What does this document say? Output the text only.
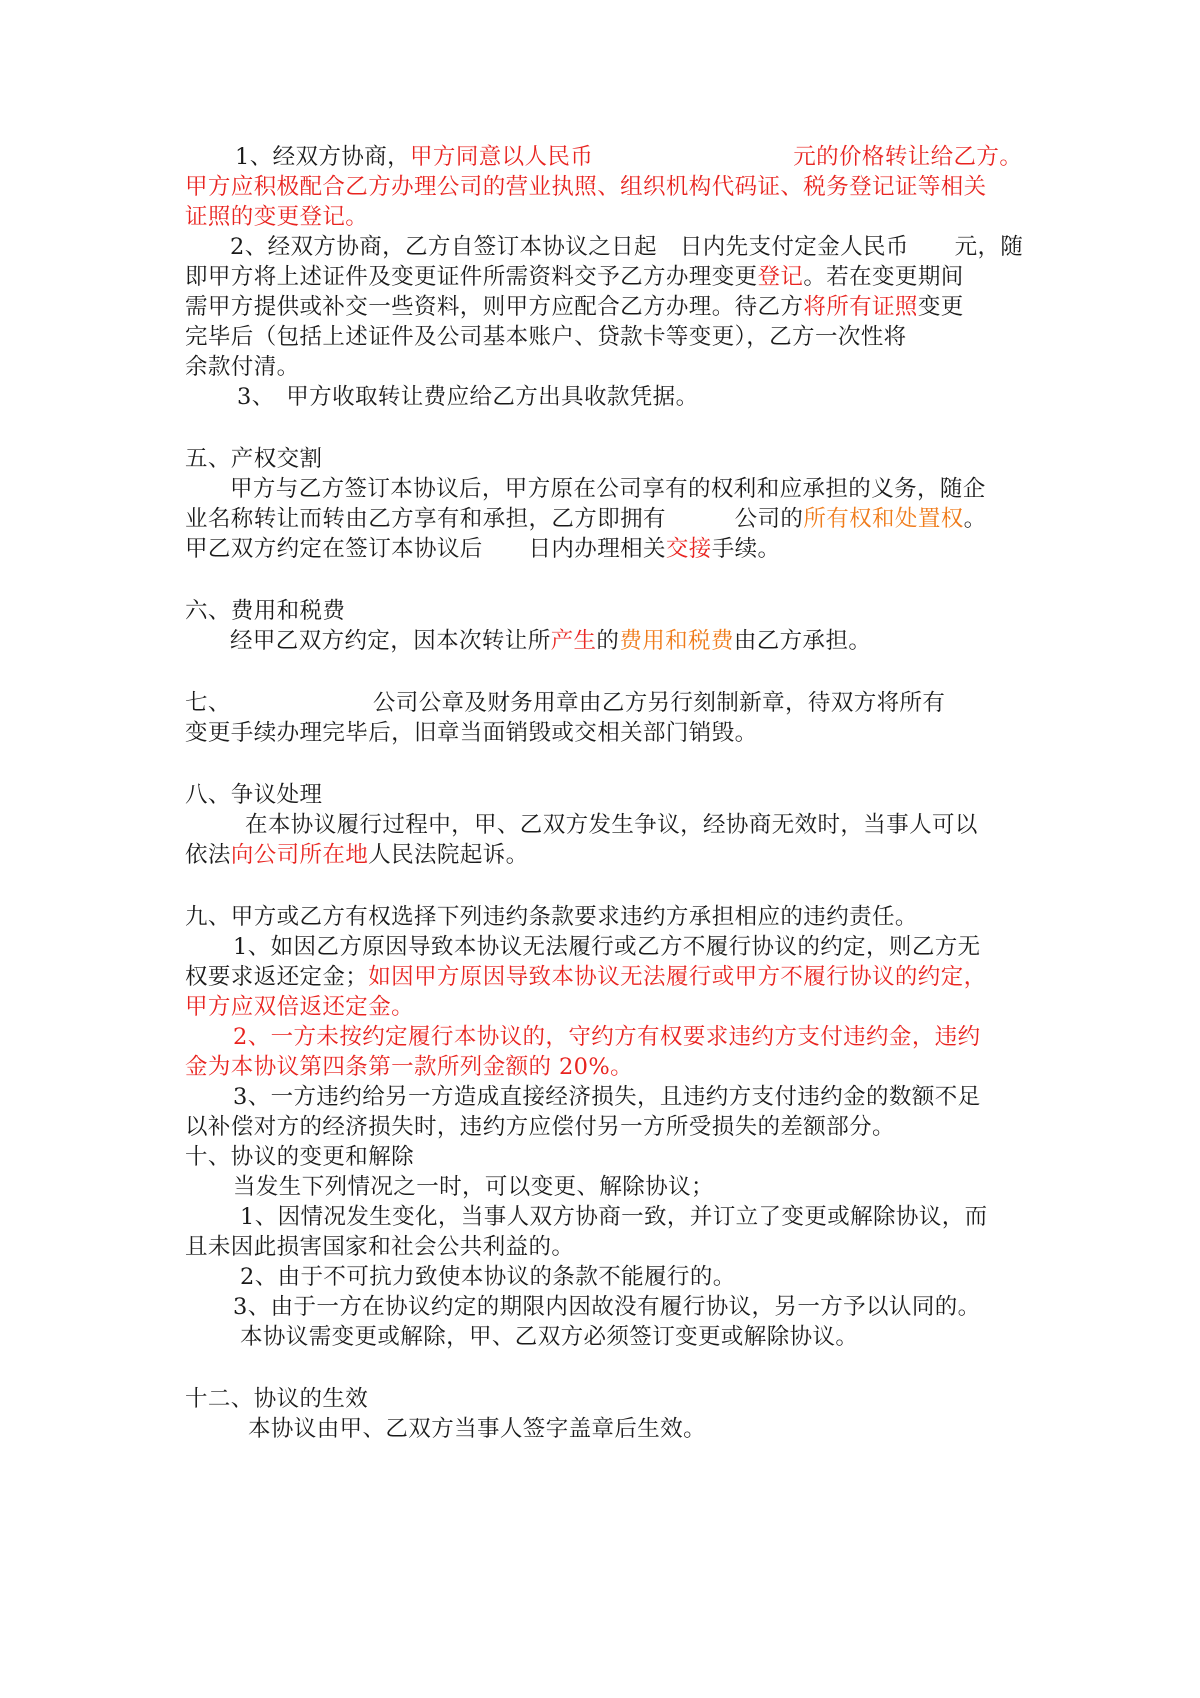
1、经双方协商，甲方同意以人民币	元的价格转让给乙方。
甲方应积极配合乙方办理公司的营业执照、组织机构代码证、税务登记证等相关
证照的变更登记。
2、经双方协商，乙方自签订本协议之日起　日内先支付定金人民币　　元，随
即甲方将上述证件及变更证件所需资料交予乙方办理变更登记。若在变更期间
需甲方提供或补交一些资料，则甲方应配合乙方办理。待乙方将所有证照变更
完毕后（包括上述证件及公司基本账户、贷款卡等变更），乙方一次性将
余款付清。
3、　甲方收取转让费应给乙方出具收款凭据。
五、产权交割
甲方与乙方签订本协议后，甲方原在公司享有的权利和应承担的义务，随企
业名称转让而转由乙方享有和承担，乙方即拥有　　　公司的所有权和处置权。
甲乙双方约定在签订本协议后　　日内办理相关交接手续。
六、费用和税费
经甲乙双方约定，因本次转让所产生的费用和税费由乙方承担。
七、	公司公章及财务用章由乙方另行刻制新章，待双方将所有
变更手续办理完毕后，旧章当面销毁或交相关部门销毁。
八、争议处理
在本协议履行过程中，甲、乙双方发生争议，经协商无效时，当事人可以
依法向公司所在地人民法院起诉。
九、甲方或乙方有权选择下列违约条款要求违约方承担相应的违约责任。
1、如因乙方原因导致本协议无法履行或乙方不履行协议的约定，则乙方无
权要求返还定金；如因甲方原因导致本协议无法履行或甲方不履行协议的约定，
甲方应双倍返还定金。
2、一方未按约定履行本协议的，守约方有权要求违约方支付违约金，违约
金为本协议第四条第一款所列金额的 20%。
3、一方违约给另一方造成直接经济损失，且违约方支付违约金的数额不足
以补偿对方的经济损失时，违约方应偿付另一方所受损失的差额部分。
十、协议的变更和解除
当发生下列情况之一时，可以变更、解除协议；
1、因情况发生变化，当事人双方协商一致，并订立了变更或解除协议，而
且未因此损害国家和社会公共利益的。
2、由于不可抗力致使本协议的条款不能履行的。
3、由于一方在协议约定的期限内因故没有履行协议，另一方予以认同的。
本协议需变更或解除，甲、乙双方必须签订变更或解除协议。
十二、协议的生效
本协议由甲、乙双方当事人签字盖章后生效。
